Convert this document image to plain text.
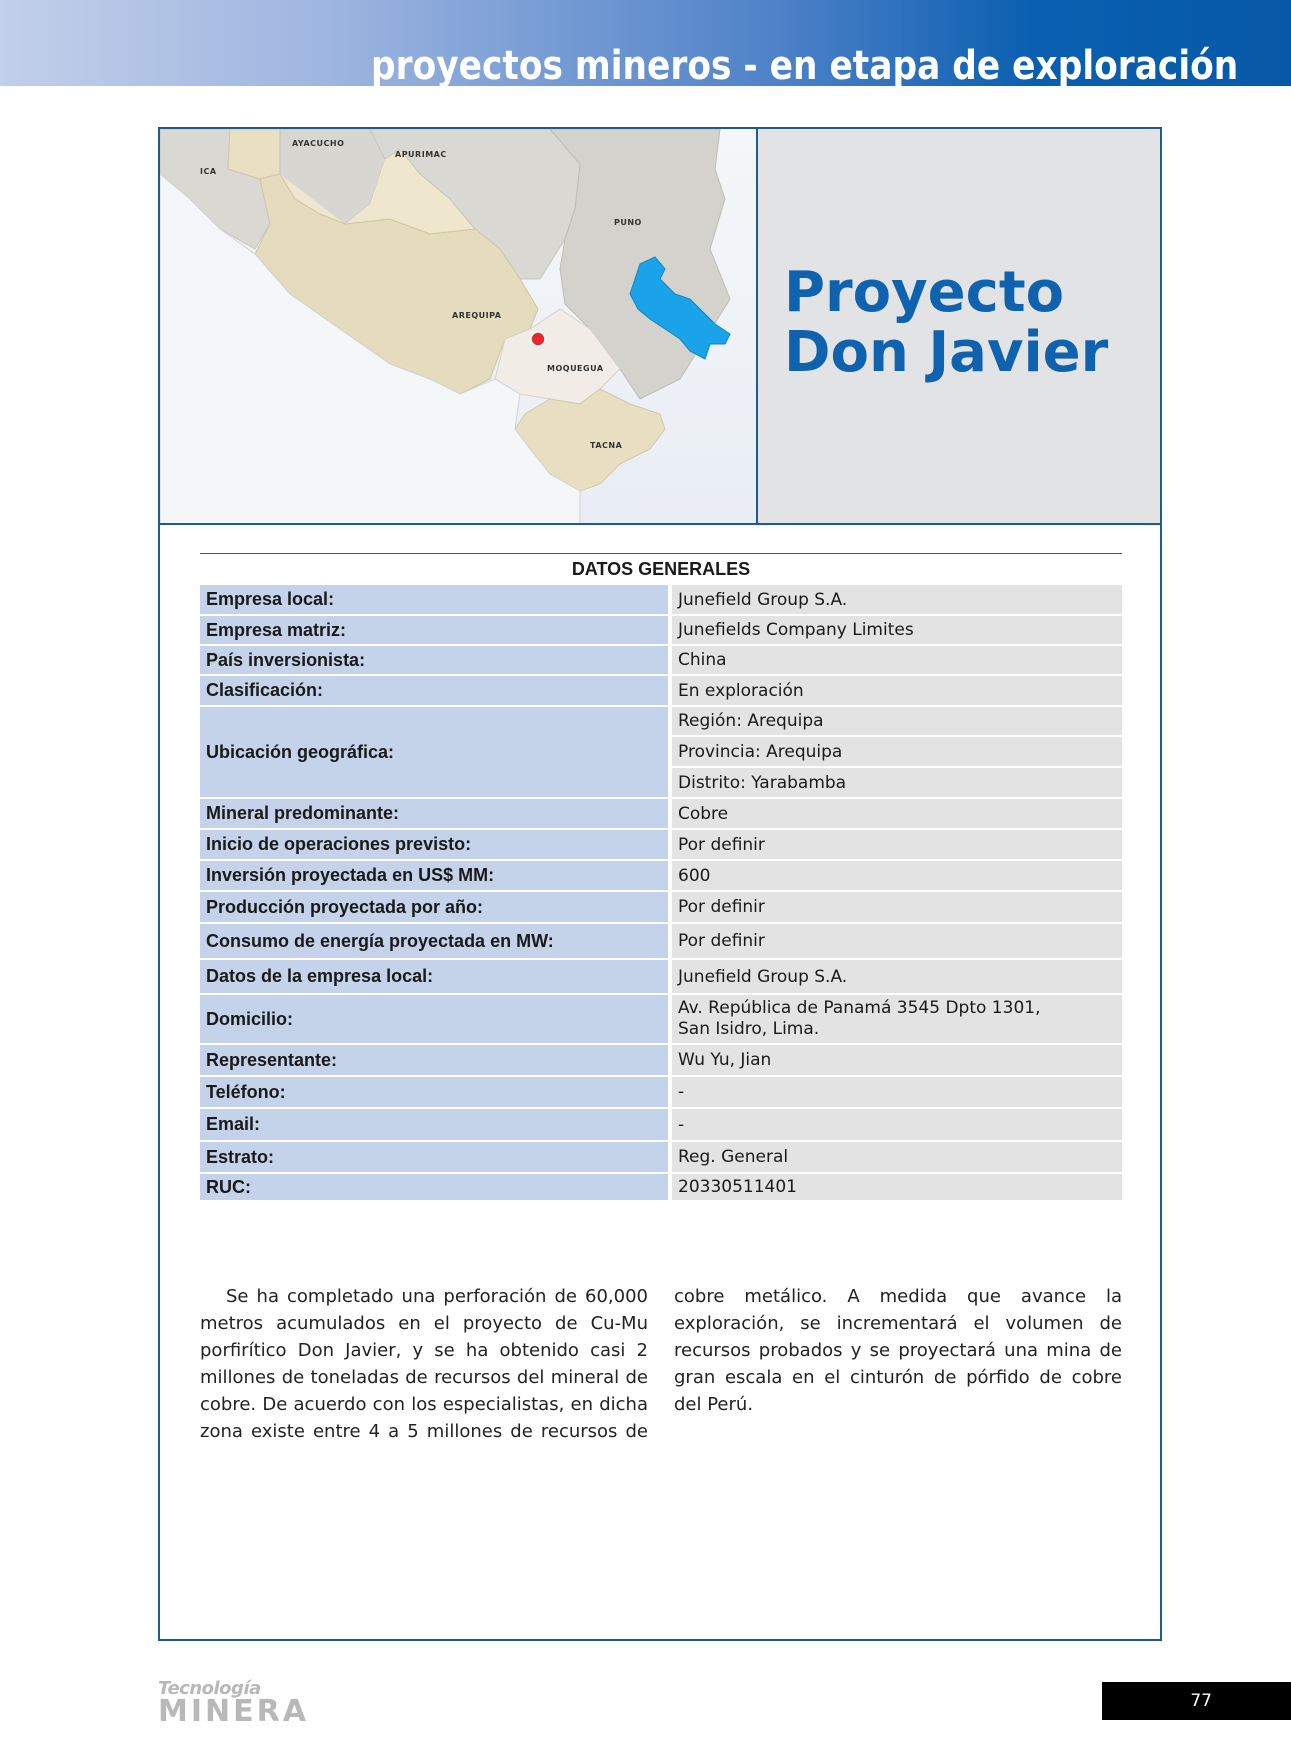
proyectos mineros - en etapa de exploración
ICA
AYACUCHO
APURIMAC
PUNO
AREQUIPA
MOQUEGUA
TACNA
Proyecto
Don Javier
DATOS GENERALES
Empresa local:	Junefield Group S.A.
Empresa matriz:	Junefields Company Limites
País inversionista:	China
Clasificación:	En exploración
Ubicación geográfica:	Región: Arequipa
	Provincia: Arequipa
	Distrito: Yarabamba
Mineral predominante:	Cobre
Inicio de operaciones previsto:	Por definir
Inversión proyectada en US$ MM:	600
Producción proyectada por año:	Por definir
Consumo de energía proyectada en MW:	Por definir
Datos de la empresa local:	Junefield Group S.A.
Domicilio:	Av. República de Panamá 3545 Dpto 1301,
San Isidro, Lima.

Representante:	Wu Yu, Jian
Teléfono:	-
Email:	-
Estrato:	Reg. General
RUC:	20330511401

Se ha completado una perforación de 60,000 metros acumulados en el proyecto de Cu-Mu porfirítico Don Javier, y se ha obtenido casi 2 millones de toneladas de recursos del mineral de cobre. De acuerdo con los especialistas, en dicha zona existe entre 4 a 5 millones de recursos de cobre metálico. A medida que avance la exploración, se incrementará el volumen de recursos probados y se proyectará una mina de gran escala en el cinturón de pórfido de cobre del Perú.

Tecnología
MINERA	77
